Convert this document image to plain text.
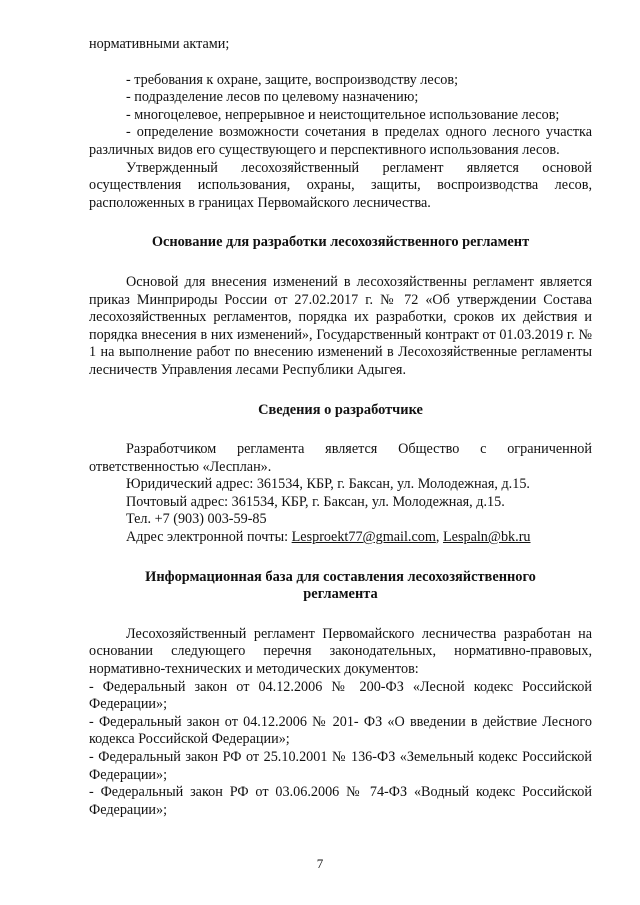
нормативными актами;

- требования к охране, защите, воспроизводству лесов;

- подразделение лесов по целевому назначению;

- многоцелевое, непрерывное и неистощительное использование лесов;

- определение возможности сочетания в пределах одного лесного участка различных видов его существующего и перспективного использования лесов.

Утвержденный лесохозяйственный регламент является основой осуществления использования, охраны, защиты, воспроизводства лесов, расположенных в границах Первомайского лесничества.

Основание для разработки лесохозяйственного регламент

Основой для внесения изменений в лесохозяйственны регламент является приказ Минприроды России от 27.02.2017 г. № 72 «Об утверждении Состава лесохозяйственных регламентов, порядка их разработки, сроков их действия и порядка внесения в них изменений», Государственный контракт от 01.03.2019 г. № 1 на выполнение работ по внесению изменений в Лесохозяйственные регламенты лесничеств Управления лесами Республики Адыгея.

Сведения о разработчике

Разработчиком регламента является Общество с ограниченной ответственностью «Лесплан».

Юридический адрес: 361534, КБР, г. Баксан, ул. Молодежная, д.15.

Почтовый адрес: 361534, КБР, г. Баксан, ул. Молодежная, д.15.

Тел. +7 (903) 003-59-85

Адрес электронной почты: Lesproekt77@gmail.com, Lespaln@bk.ru

Информационная база для составления лесохозяйственного
регламента

Лесохозяйственный регламент Первомайского лесничества разработан на основании следующего перечня законодательных, нормативно-правовых, нормативно-технических и методических документов:

- Федеральный закон от 04.12.2006 № 200-ФЗ «Лесной кодекс Российской Федерации»;

- Федеральный закон от 04.12.2006 № 201- ФЗ «О введении в действие Лесного кодекса Российской Федерации»;

- Федеральный закон РФ от 25.10.2001 № 136-ФЗ «Земельный кодекс Российской Федерации»;

- Федеральный закон РФ от 03.06.2006 № 74-ФЗ «Водный кодекс Российской Федерации»;

7
